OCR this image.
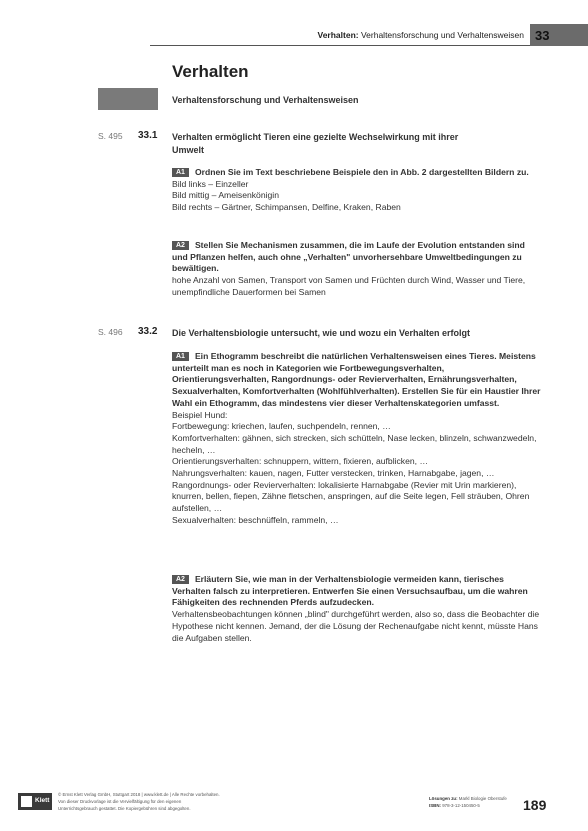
Verhalten: Verhaltensforschung und Verhaltensweisen 33
Verhalten
Verhaltensforschung und Verhaltensweisen
S. 495 33.1 Verhalten ermöglicht Tieren eine gezielte Wechselwirkung mit ihrer Umwelt
A1 Ordnen Sie im Text beschriebene Beispiele den in Abb. 2 dargestellten Bildern zu.
Bild links – Einzeller
Bild mittig – Ameisenkönigin
Bild rechts – Gärtner, Schimpansen, Delfine, Kraken, Raben
A2 Stellen Sie Mechanismen zusammen, die im Laufe der Evolution entstanden sind und Pflanzen helfen, auch ohne „Verhalten" unvorhersehbare Umweltbedingungen zu bewältigen.
hohe Anzahl von Samen, Transport von Samen und Früchten durch Wind, Wasser und Tiere, unempfindliche Dauerformen bei Samen
S. 496 33.2 Die Verhaltensbiologie untersucht, wie und wozu ein Verhalten erfolgt
A1 Ein Ethogramm beschreibt die natürlichen Verhaltensweisen eines Tieres. Meistens unterteilt man es noch in Kategorien wie Fortbewegungsverhalten, Orientierungsverhalten, Rangordnungs- oder Revierverhalten, Ernährungsverhalten, Sexualverhalten, Komfortverhalten (Wohlfühlverhalten). Erstellen Sie für ein Haustier Ihrer Wahl ein Ethogramm, das mindestens vier dieser Verhaltenskategorien umfasst.
Beispiel Hund:
Fortbewegung: kriechen, laufen, suchpendeln, rennen, …
Komfortverhalten: gähnen, sich strecken, sich schütteln, Nase lecken, blinzeln, schwanzwedeln, hecheln, …
Orientierungsverhalten: schnuppern, wittern, fixieren, aufblicken, …
Nahrungsverhalten: kauen, nagen, Futter verstecken, trinken, Harnabgabe, jagen, …
Rangordnungs- oder Revierverhalten: lokalisierte Harnabgabe (Revier mit Urin markieren), knurren, bellen, fiepen, Zähne fletschen, anspringen, auf die Seite legen, Fell sträuben, Ohren aufstellen, …
Sexualverhalten: beschnüffeln, rammeln, …
A2 Erläutern Sie, wie man in der Verhaltensbiologie vermeiden kann, tierisches Verhalten falsch zu interpretieren. Entwerfen Sie einen Versuchsaufbau, um die wahren Fähigkeiten des rechnenden Pferds aufzudecken.
Verhaltensbeobachtungen können „blind" durchgeführt werden, also so, dass die Beobachter die Hypothese nicht kennen. Jemand, der die Lösung der Rechenaufgabe nicht kennt, müsste Hans die Aufgaben stellen.
Klett
© Ernst Klett Verlag GmbH, Stuttgart 2018 | www.klett.de | Alle Rechte vorbehalten.
Von dieser Druckvorlage ist die Vervielfältigung für den eigenen
Unterrichtsgebrauch gestattet. Die Kopiergebühren sind abgegolten.
Lösungen zu: Markl Biologie Oberstufe
ISBN: 978-3-12-150450-5	189
